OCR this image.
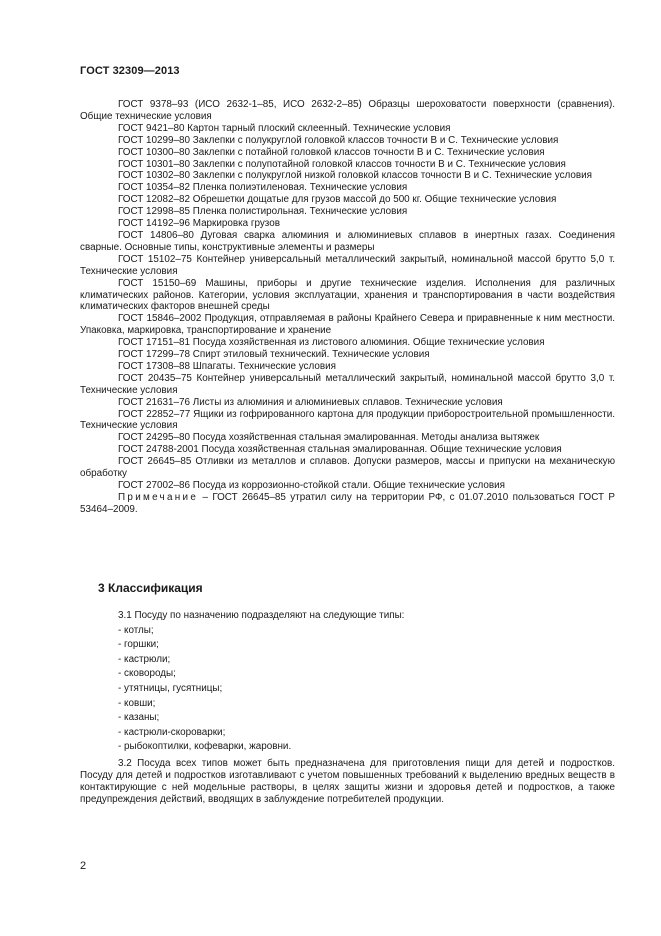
ГОСТ 32309—2013

ГОСТ 9378–93 (ИСО 2632-1–85, ИСО 2632-2–85) Образцы шероховатости поверхности (сравнения). Общие технические условия

ГОСТ 9421–80 Картон тарный плоский склеенный. Технические условия

ГОСТ 10299–80 Заклепки с полукруглой головкой классов точности В и С. Технические условия

ГОСТ 10300–80 Заклепки с потайной головкой классов точности В и С. Технические условия

ГОСТ 10301–80 Заклепки с полупотайной головкой классов точности В и С. Технические условия

ГОСТ 10302–80 Заклепки с полукруглой низкой головкой классов точности В и С. Технические условия

ГОСТ 10354–82 Пленка полиэтиленовая. Технические условия

ГОСТ 12082–82 Обрешетки дощатые для грузов массой до 500 кг. Общие технические условия

ГОСТ 12998–85 Пленка полистирольная. Технические условия

ГОСТ 14192–96 Маркировка грузов

ГОСТ 14806–80 Дуговая сварка алюминия и алюминиевых сплавов в инертных газах. Соединения сварные. Основные типы, конструктивные элементы и размеры

ГОСТ 15102–75 Контейнер универсальный металлический закрытый, номинальной массой брутто 5,0 т. Технические условия

ГОСТ 15150–69 Машины, приборы и другие технические изделия. Исполнения для различных климатических районов. Категории, условия эксплуатации, хранения и транспортирования в части воздействия климатических факторов внешней среды

ГОСТ 15846–2002 Продукция, отправляемая в районы Крайнего Севера и приравненные к ним местности. Упаковка, маркировка, транспортирование и хранение

ГОСТ 17151–81 Посуда хозяйственная из листового алюминия. Общие технические условия

ГОСТ 17299–78 Спирт этиловый технический. Технические условия

ГОСТ 17308–88 Шпагаты. Технические условия

ГОСТ 20435–75 Контейнер универсальный металлический закрытый, номинальной массой брутто 3,0 т. Технические условия

ГОСТ 21631–76 Листы из алюминия и алюминиевых сплавов. Технические условия

ГОСТ 22852–77 Ящики из гофрированного картона для продукции приборостроительной промышленности. Технические условия

ГОСТ 24295–80 Посуда хозяйственная стальная эмалированная. Методы анализа вытяжек

ГОСТ 24788-2001 Посуда хозяйственная стальная эмалированная. Общие технические условия

ГОСТ 26645–85 Отливки из металлов и сплавов. Допуски размеров, массы и припуски на механическую обработку

ГОСТ 27002–86 Посуда из коррозионно-стойкой стали. Общие технические условия

Примечание – ГОСТ 26645–85 утратил силу на территории РФ, с 01.07.2010 пользоваться ГОСТ Р 53464–2009.

3 Классификация

3.1 Посуду по назначению подразделяют на следующие типы:

- котлы;
- горшки;
- кастрюли;
- сковороды;
- утятницы, гусятницы;
- ковши;
- казаны;
- кастрюли-скороварки;
- рыбокоптилки, кофеварки, жаровни.

3.2 Посуда всех типов может быть предназначена для приготовления пищи для детей и подростков. Посуду для детей и подростков изготавливают с учетом повышенных требований к выделению вредных веществ в контактирующие с ней модельные растворы, в целях защиты жизни и здоровья детей и подростков, а также предупреждения действий, вводящих в заблуждение потребителей продукции.

2
